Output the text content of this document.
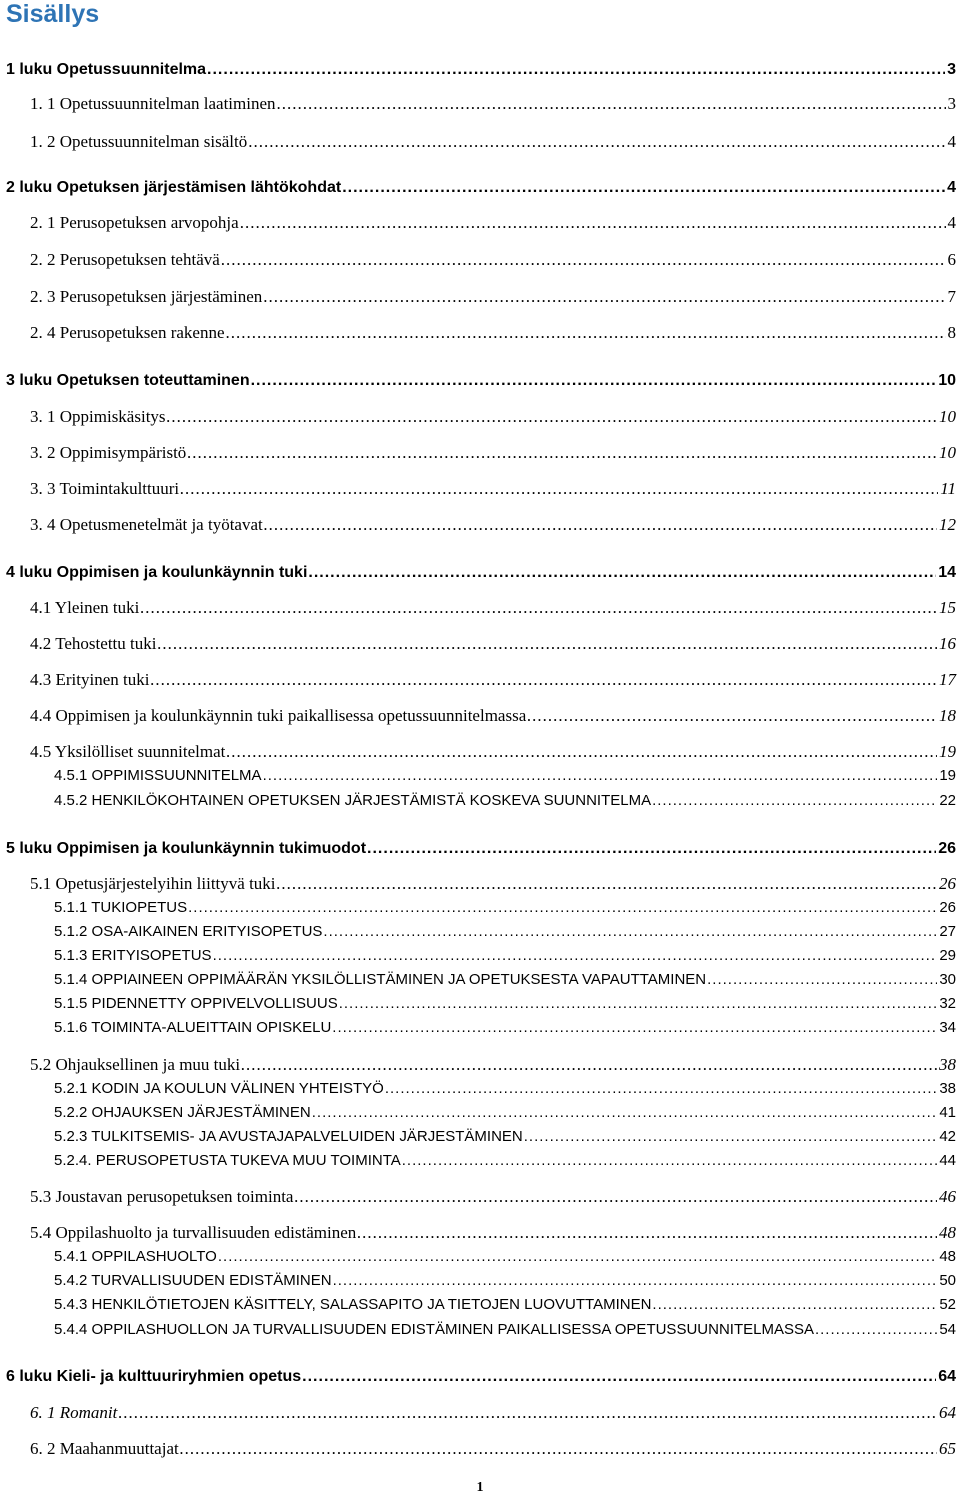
Sisällys
1 luku Opetussuunnitelma .....	3
1. 1 Opetussuunnitelman laatiminen .....	3
1. 2 Opetussuunnitelman sisältö .....	4
2 luku Opetuksen järjestämisen lähtökohdat .....	4
2. 1 Perusopetuksen arvopohja .....	4
2. 2 Perusopetuksen tehtävä .....	6
2. 3 Perusopetuksen järjestäminen .....	7
2. 4 Perusopetuksen rakenne .....	8
3 luku Opetuksen toteuttaminen .....	10
3. 1 Oppimiskäsitys .....	10
3. 2 Oppimisympäristö .....	10
3. 3 Toimintakulttuuri .....	11
3. 4 Opetusmenetelmät ja työtavat .....	12
4 luku Oppimisen ja koulunkäynnin tuki .....	14
4.1 Yleinen tuki .....	15
4.2 Tehostettu tuki .....	16
4.3 Erityinen tuki .....	17
4.4 Oppimisen ja koulunkäynnin tuki paikallisessa opetussuunnitelmassa .....	18
4.5 Yksilölliset suunnitelmat .....	19
4.5.1 OPPIMISSUUNNITELMA .....	19
4.5.2 HENKILÖKOHTAINEN OPETUKSEN JÄRJESTÄMISTÄ KOSKEVA SUUNNITELMA .....	22
5 luku Oppimisen ja koulunkäynnin tukimuodot .....	26
5.1 Opetusjärjestelyihin liittyvä tuki .....	26
5.1.1 TUKIOPETUS .....	26
5.1.2 OSA-AIKAINEN ERITYISOPETUS .....	27
5.1.3 ERITYISOPETUS .....	29
5.1.4 OPPIAINEEN OPPIMÄÄRÄN YKSILÖLLISTÄMINEN JA OPETUKSESTA VAPAUTTAMINEN .....	30
5.1.5 PIDENNETTY OPPIVELVOLLISUUS .....	32
5.1.6 TOIMINTA-ALUEITTAIN OPISKELU .....	34
5.2 Ohjauksellinen ja muu tuki .....	38
5.2.1 KODIN JA KOULUN VÄLINEN YHTEISTYÖ .....	38
5.2.2 OHJAUKSEN JÄRJESTÄMINEN .....	41
5.2.3 TULKITSEMIS- JA AVUSTAJAPALVELUIDEN JÄRJESTÄMINEN .....	42
5.2.4. PERUSOPETUSTA TUKEVA MUU TOIMINTA .....	44
5.3 Joustavan perusopetuksen toiminta .....	46
5.4 Oppilashuolto ja turvallisuuden edistäminen .....	48
5.4.1 OPPILASHUOLTO .....	48
5.4.2 TURVALLISUUDEN EDISTÄMINEN .....	50
5.4.3 HENKILÖTIETOJEN KÄSITTELY, SALASSAPITO JA TIETOJEN LUOVUTTAMINEN .....	52
5.4.4 OPPILASHUOLLON JA TURVALLISUUDEN EDISTÄMINEN PAIKALLISESSA OPETUSSUUNNITELMASSA .....	54
6 luku Kieli- ja kulttuuriryhmien opetus .....	64
6. 1 Romanit .....	64
6. 2 Maahanmuuttajat .....	65
1
